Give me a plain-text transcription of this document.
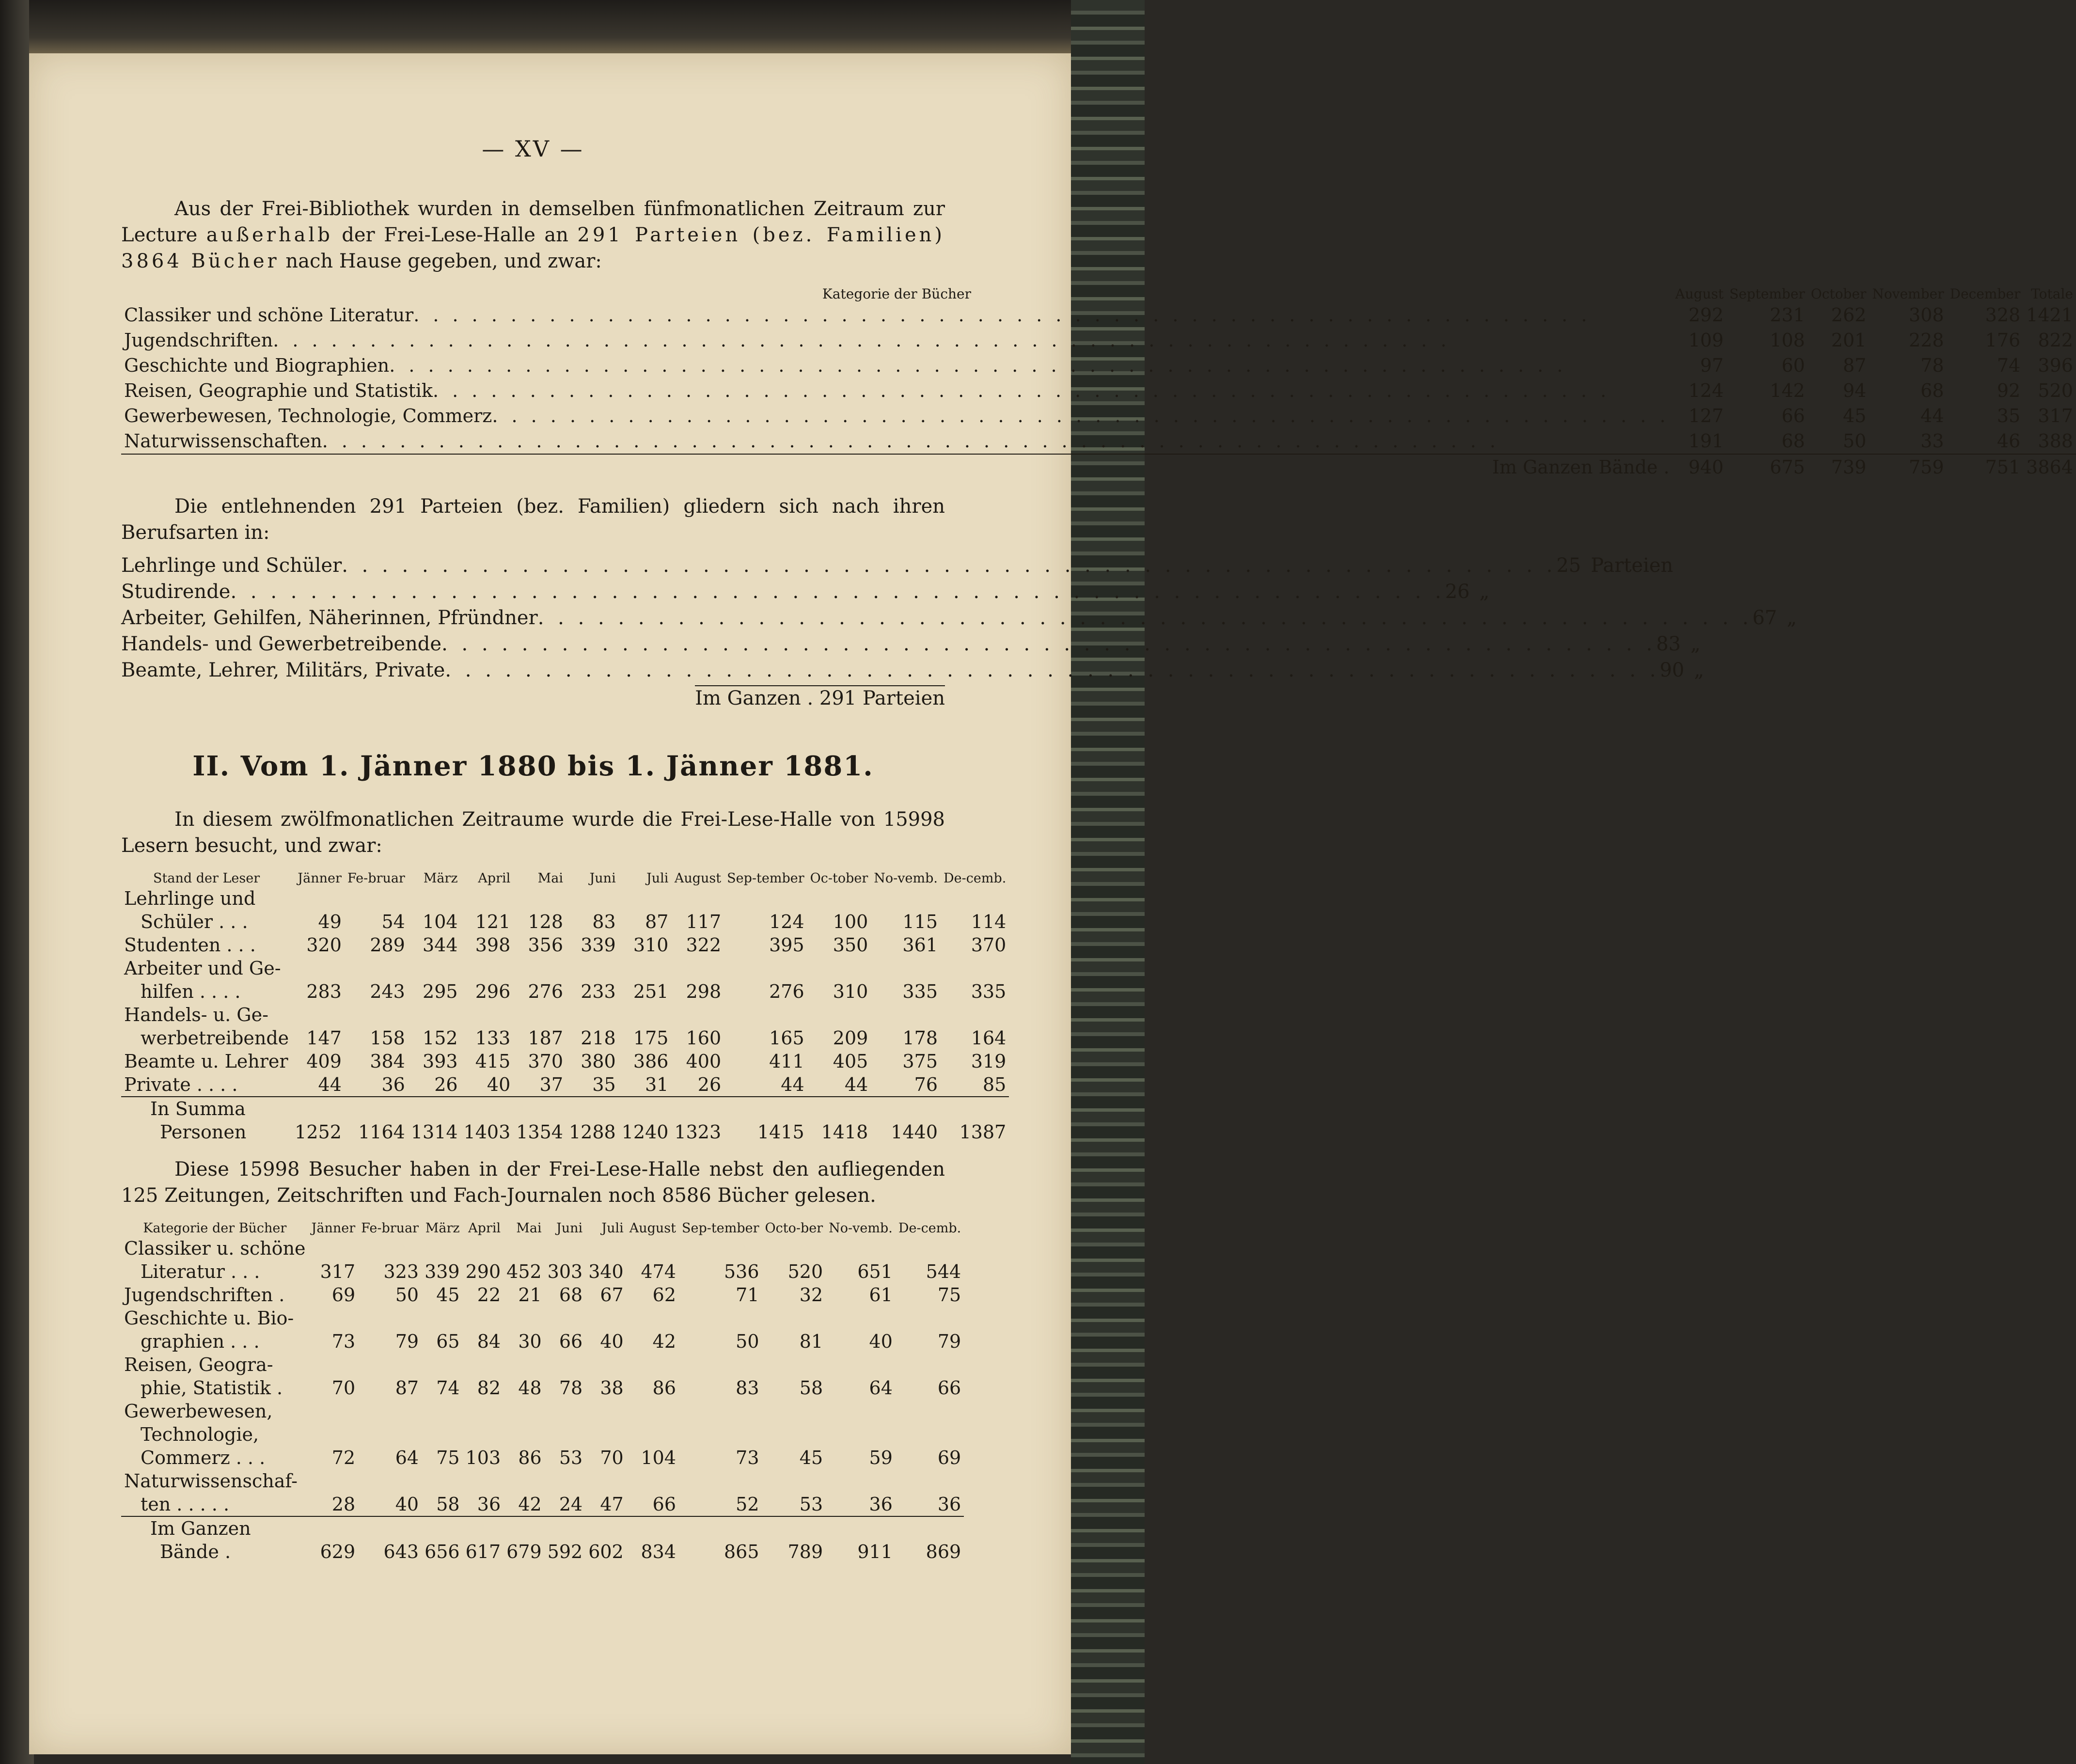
— XV —

Aus der Frei-Bibliothek wurden in demselben fünfmonatlichen Zeitraum zur Lecture außerhalb der Frei-Lese-Halle an 291 Parteien (bez. Familien) 3864 Bücher nach Hause gegeben, und zwar:

Kategorie der Bücher	August	September	October	November	December	Totale

Classiker und schöne Literatur
. . .	292	231	262	308	328	1421

Jugendschriften
. . .	109	108	201	228	176	822

Geschichte und Biographien
. . .	97	60	87	78	74	396

Reisen, Geographie und Statistik
. . .	124	142	94	68	92	520

Gewerbewesen, Technologie, Commerz
. . .	127	66	45	44	35	317

Naturwissenschaften
. . .	191	68	50	33	46	388
Im Ganzen Bände .	940	675	739	759	751	3864

Die entlehnenden 291 Parteien (bez. Familien) gliedern sich nach ihren Berufsarten in:

Lehrlinge und Schüler . . .	25 Parteien
Studirende . . .	26 „
Arbeiter, Gehilfen, Näherinnen, Pfründner . . .	67 „
Handels- und Gewerbetreibende . . .	83 „
Beamte, Lehrer, Militärs, Private . . .	90 „
Im Ganzen . 291 Parteien
II. Vom 1. Jänner 1880 bis 1. Jänner 1881.

In diesem zwölfmonatlichen Zeitraume wurde die Frei-Lese-Halle von 15998 Lesern besucht, und zwar:

Stand der Leser	Jänner	Fe-bruar	März	April	Mai	Juni	Juli	August	Sep-tember	Oc-tober	No-vemb.	De-cemb.
Lehrlinge und												
Schüler . . .	49	54	104	121	128	83	87	117	124	100	115	114
Studenten . . .	320	289	344	398	356	339	310	322	395	350	361	370
Arbeiter und Ge-												
hilfen . . . .	283	243	295	296	276	233	251	298	276	310	335	335
Handels- u. Ge-												
werbetreibende	147	158	152	133	187	218	175	160	165	209	178	164
Beamte u. Lehrer	409	384	393	415	370	380	386	400	411	405	375	319
Private . . . .	44	36	26	40	37	35	31	26	44	44	76	85
In Summa												
Personen	1252	1164	1314	1403	1354	1288	1240	1323	1415	1418	1440	1387

Diese 15998 Besucher haben in der Frei-Lese-Halle nebst den aufliegenden 125 Zeitungen, Zeitschriften und Fach-Journalen noch 8586 Bücher gelesen.

Kategorie der Bücher	Jänner	Fe-bruar	März	April	Mai	Juni	Juli	August	Sep-tember	Octo-ber	No-vemb.	De-cemb.
Classiker u. schöne												
Literatur . . .	317	323	339	290	452	303	340	474	536	520	651	544
Jugendschriften .	69	50	45	22	21	68	67	62	71	32	61	75
Geschichte u. Bio-												
graphien . . .	73	79	65	84	30	66	40	42	50	81	40	79
Reisen, Geogra-												
phie, Statistik .	70	87	74	82	48	78	38	86	83	58	64	66
Gewerbewesen,												
Technologie,												
Commerz . . .	72	64	75	103	86	53	70	104	73	45	59	69
Naturwissenschaf-												
ten . . . . .	28	40	58	36	42	24	47	66	52	53	36	36
Im Ganzen												
Bände .	629	643	656	617	679	592	602	834	865	789	911	869
